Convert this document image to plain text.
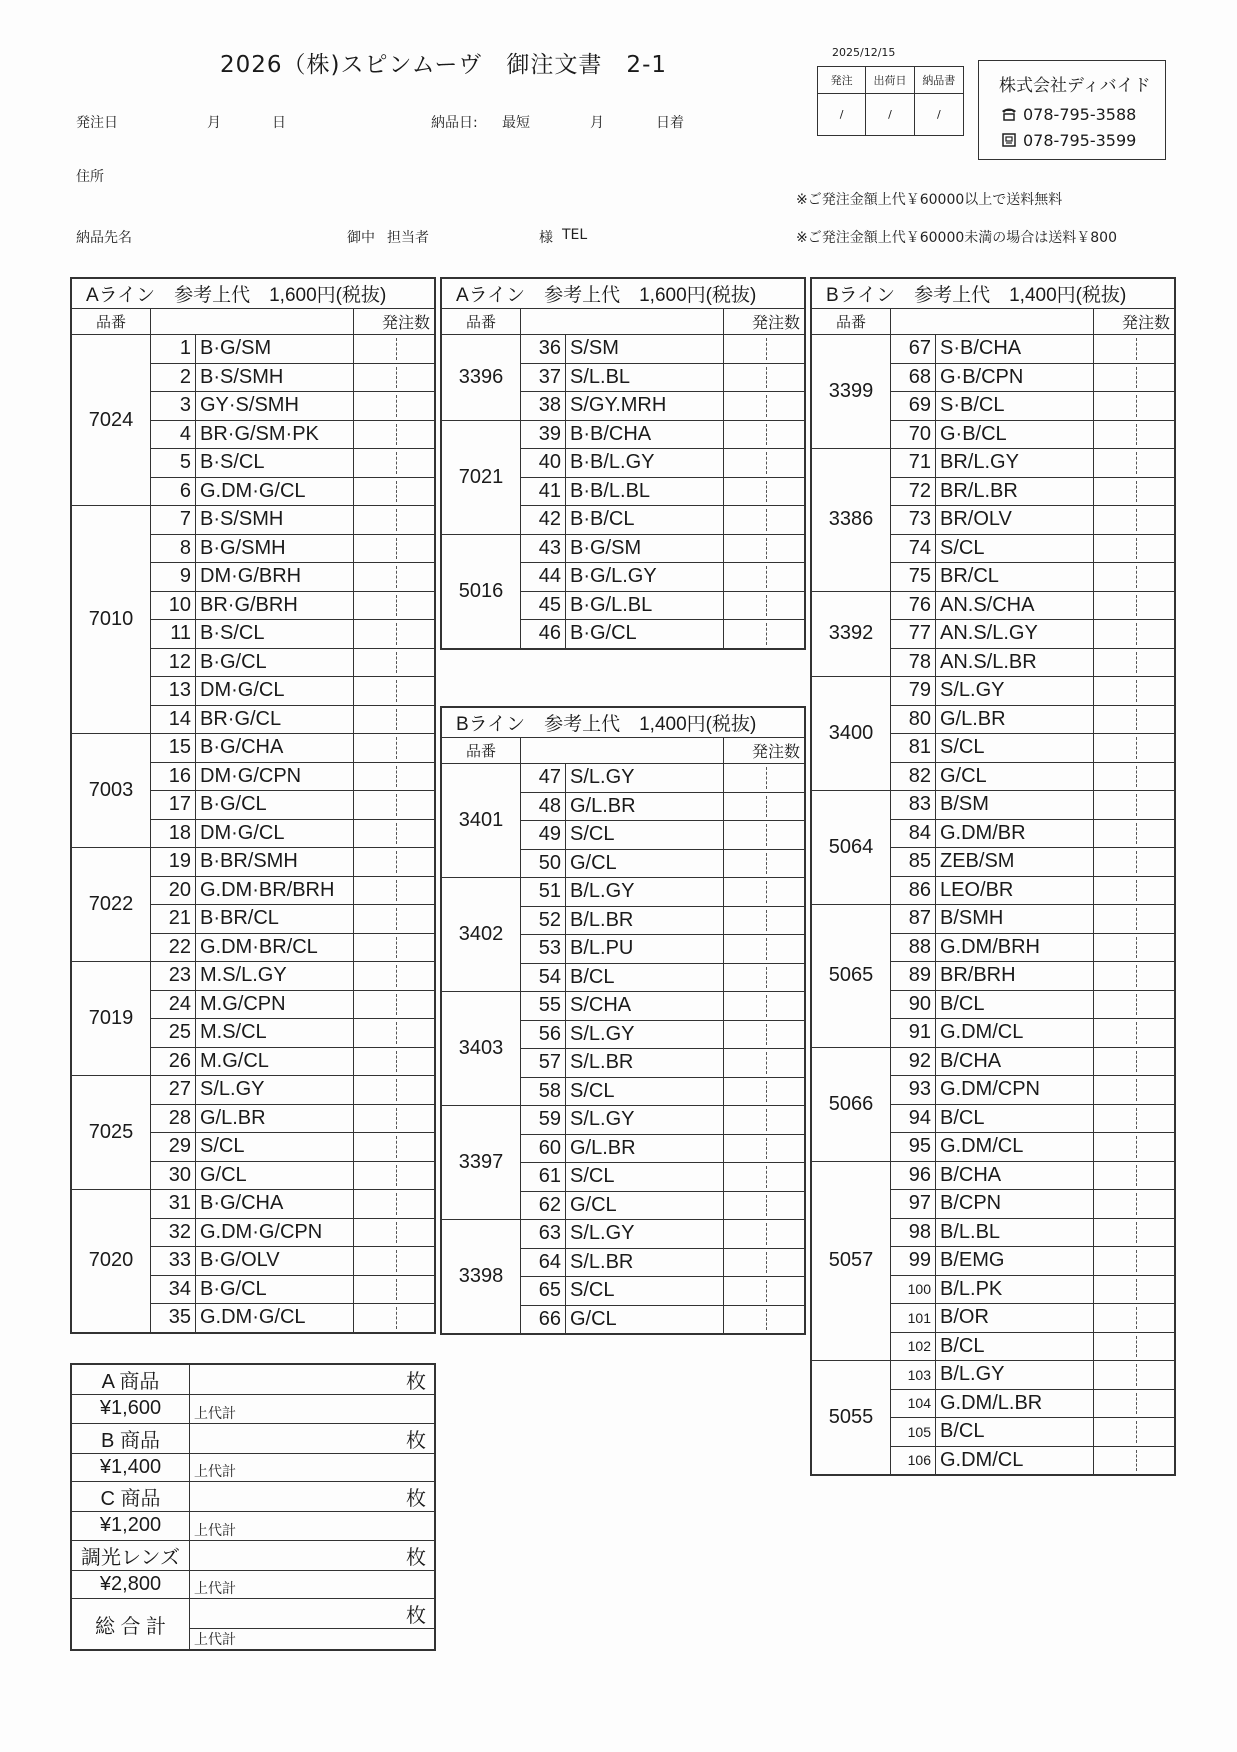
2026（株)スピンムーヴ　御注文書　2-1
発注日	月	日	納品日: 最短	月	日着
住所
※ご発注金額上代￥60000以上で送料無料
納品先名	御中 担当者	様 TEL	※ご発注金額上代￥60000未満の場合は送料￥800
2025/12/15
発注	出荷日	納品書
/	/	/
株式会社ディバイド
078-795-3588
078-795-3599
Aライン　参考上代　1,600円(税抜)			
品番			発注数
7024	1	B·G/SM	
	2	B·S/SMH	
	3	GY·S/SMH	
	4	BR·G/SM·PK	
	5	B·S/CL	
	6	G.DM·G/CL	
7010	7	B·S/SMH	
	8	B·G/SMH	
	9	DM·G/BRH	
	10	BR·G/BRH	
	11	B·S/CL	
	12	B·G/CL	
	13	DM·G/CL	
	14	BR·G/CL	
7003	15	B·G/CHA	
	16	DM·G/CPN	
	17	B·G/CL	
	18	DM·G/CL	
7022	19	B·BR/SMH	
	20	G.DM·BR/BRH	
	21	B·BR/CL	
	22	G.DM·BR/CL	
7019	23	M.S/L.GY	
	24	M.G/CPN	
	25	M.S/CL	
	26	M.G/CL	
7025	27	S/L.GY	
	28	G/L.BR	
	29	S/CL	
	30	G/CL	
7020	31	B·G/CHA	
	32	G.DM·G/CPN	
	33	B·G/OLV	
	34	B·G/CL	
	35	G.DM·G/CL	
Aライン　参考上代　1,600円(税抜)			
品番			発注数
3396	36	S/SM	
	37	S/L.BL	
	38	S/GY.MRH	
7021	39	B·B/CHA	
	40	B·B/L.GY	
	41	B·B/L.BL	
	42	B·B/CL	
5016	43	B·G/SM	
	44	B·G/L.GY	
	45	B·G/L.BL	
	46	B·G/CL	
Bライン　参考上代　1,400円(税抜)			
品番			発注数
3401	47	S/L.GY	
	48	G/L.BR	
	49	S/CL	
	50	G/CL	
3402	51	B/L.GY	
	52	B/L.BR	
	53	B/L.PU	
	54	B/CL	
3403	55	S/CHA	
	56	S/L.GY	
	57	S/L.BR	
	58	S/CL	
3397	59	S/L.GY	
	60	G/L.BR	
	61	S/CL	
	62	G/CL	
3398	63	S/L.GY	
	64	S/L.BR	
	65	S/CL	
	66	G/CL	
Bライン　参考上代　1,400円(税抜)			
品番			発注数
3399	67	S·B/CHA	
	68	G·B/CPN	
	69	S·B/CL	
	70	G·B/CL	
3386	71	BR/L.GY	
	72	BR/L.BR	
	73	BR/OLV	
	74	S/CL	
	75	BR/CL	
3392	76	AN.S/CHA	
	77	AN.S/L.GY	
	78	AN.S/L.BR	
3400	79	S/L.GY	
	80	G/L.BR	
	81	S/CL	
	82	G/CL	
5064	83	B/SM	
	84	G.DM/BR	
	85	ZEB/SM	
	86	LEO/BR	
5065	87	B/SMH	
	88	G.DM/BRH	
	89	BR/BRH	
	90	B/CL	
	91	G.DM/CL	
5066	92	B/CHA	
	93	G.DM/CPN	
	94	B/CL	
	95	G.DM/CL	
5057	96	B/CHA	
	97	B/CPN	
	98	B/L.BL	
	99	B/EMG	
	100	B/L.PK	
	101	B/OR	
	102	B/CL	
5055	103	B/L.GY	
	104	G.DM/L.BR	
	105	B/CL	
	106	G.DM/CL	
A 商品	枚
¥1,600	上代計
B 商品	枚
¥1,400	上代計
C 商品	枚
¥1,200	上代計
調光レンズ	枚
¥2,800	上代計
総 合 計	枚
	上代計
